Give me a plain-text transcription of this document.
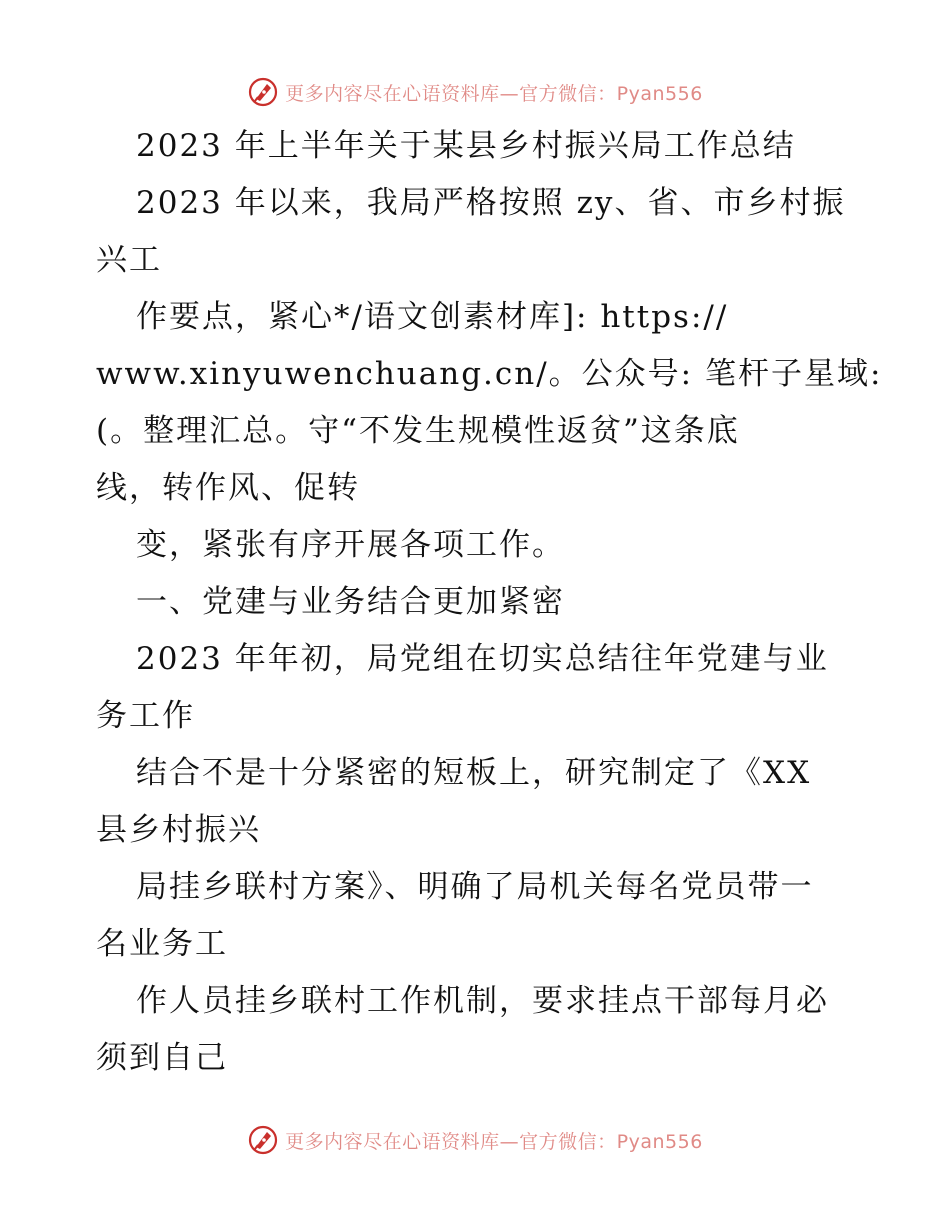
更多内容尽在心语资料库—官方微信：Pyan556
2023 年上半年关于某县乡村振兴局工作总结
2023 年以来，我局严格按照 zy、省、市乡村振
兴工
作要点，紧心*/语文创素材库]: https://
www.xinyuwenchuang.cn/。公众号: 笔杆子星域:
(。整理汇总。守“不发生规模性返贫”这条底
线，转作风、促转
变，紧张有序开展各项工作。
一、党建与业务结合更加紧密
2023 年年初，局党组在切实总结往年党建与业
务工作
结合不是十分紧密的短板上，研究制定了《XX
县乡村振兴
局挂乡联村方案》、明确了局机关每名党员带一
名业务工
作人员挂乡联村工作机制，要求挂点干部每月必
须到自己
更多内容尽在心语资料库—官方微信：Pyan556
